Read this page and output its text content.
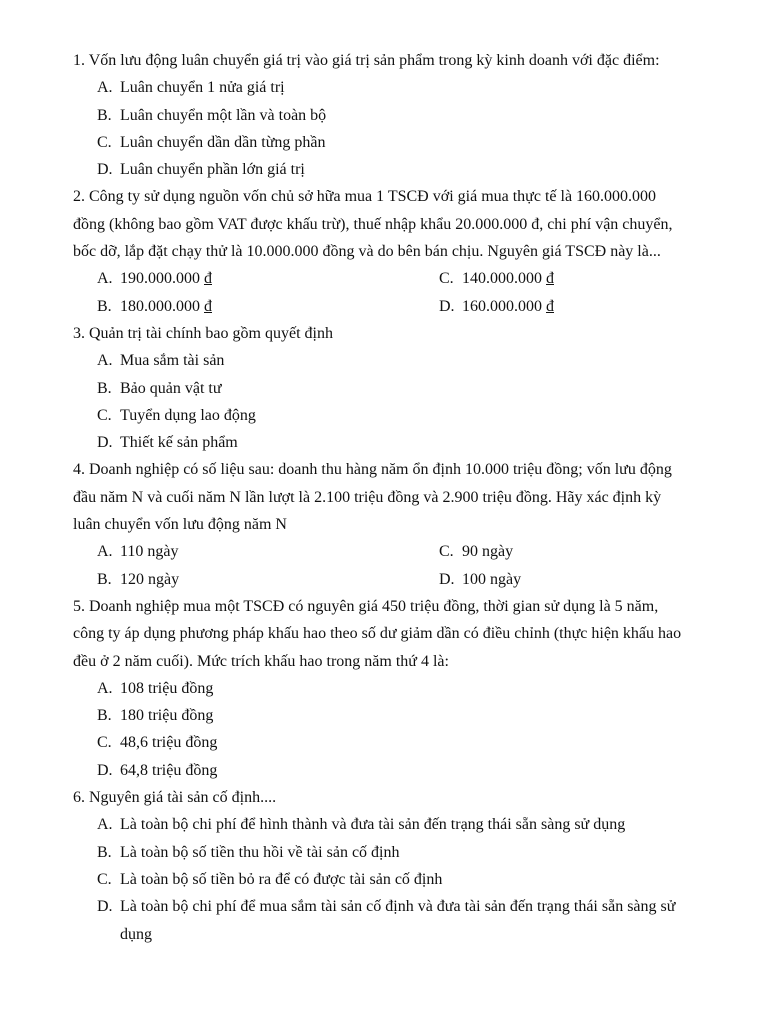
1. Vốn lưu động luân chuyển giá trị vào giá trị sản phẩm trong kỳ kinh doanh với đặc điểm:

A. Luân chuyển 1 nửa giá trị
B. Luân chuyển một lần và toàn bộ
C. Luân chuyển dần dần từng phần
D. Luân chuyển phần lớn giá trị

2. Công ty sử dụng nguồn vốn chủ sở hữa mua 1 TSCĐ với giá mua thực tế là 160.000.000

đồng (không bao gồm VAT được khấu trừ), thuế nhập khẩu 20.000.000 đ, chi phí vận chuyển,

bốc dỡ, lắp đặt chạy thử là 10.000.000 đồng và do bên bán chịu. Nguyên giá TSCĐ này là...

A. 190.000.000 đ	C. 140.000.000 đ
B. 180.000.000 đ	D. 160.000.000 đ

3. Quản trị tài chính bao gồm quyết định

A. Mua sắm tài sản
B. Bảo quản vật tư
C. Tuyển dụng lao động
D. Thiết kế sản phẩm

4. Doanh nghiệp có số liệu sau: doanh thu hàng năm ổn định 10.000 triệu đồng; vốn lưu động

đầu năm N và cuối năm N lần lượt là 2.100 triệu đồng và 2.900 triệu đồng. Hãy xác định kỳ

luân chuyển vốn lưu động năm N

A. 110 ngày	C. 90 ngày
B. 120 ngày	D. 100 ngày

5. Doanh nghiệp mua một TSCĐ có nguyên giá 450 triệu đồng, thời gian sử dụng là 5 năm,

công ty áp dụng phương pháp khấu hao theo số dư giảm dần có điều chỉnh (thực hiện khấu hao

đều ở 2 năm cuối). Mức trích khấu hao trong năm thứ 4 là:

A. 108 triệu đồng
B. 180 triệu đồng
C. 48,6 triệu đồng
D. 64,8 triệu đồng

6. Nguyên giá tài sản cố định....

A. Là toàn bộ chi phí để hình thành và đưa tài sản đến trạng thái sẵn sàng sử dụng
B. Là toàn bộ số tiền thu hồi về tài sản cố định
C. Là toàn bộ số tiền bỏ ra để có được tài sản cố định
D. Là toàn bộ chi phí để mua sắm tài sản cố định và đưa tài sản đến trạng thái sẵn sàng sử
dụng
